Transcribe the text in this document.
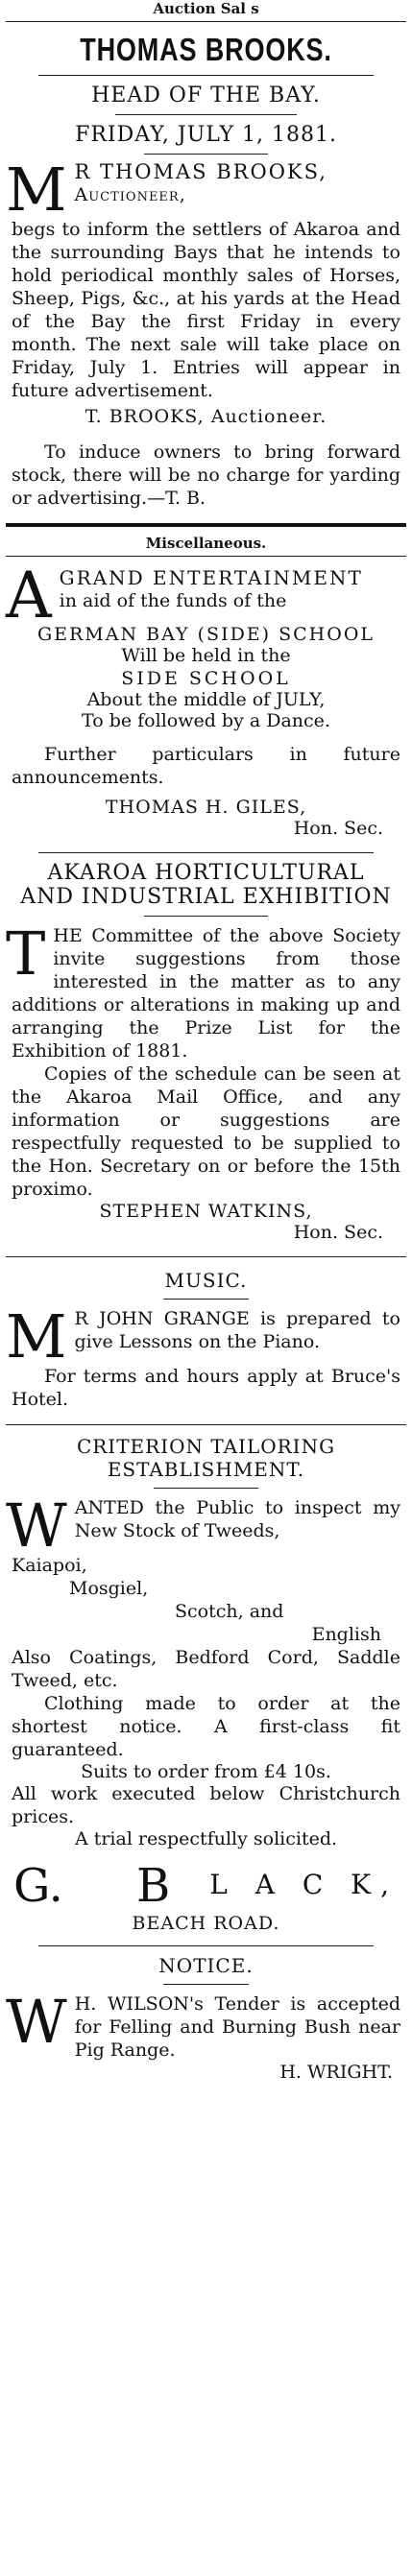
Auction Sal s
THOMAS BROOKS.
HEAD OF THE BAY.
FRIDAY, JULY 1, 1881.
M R THOMAS BROOKS,
Auctioneer,
begs to inform the settlers of Akaroa and the surrounding Bays that he intends to hold periodical monthly sales of Horses, Sheep, Pigs, &c., at his yards at the Head of the Bay the first Friday in every month. The next sale will take place on Friday, July 1. Entries will appear in future advertisement.
T. BROOKS, Auctioneer.
To induce owners to bring forward stock, there will be no charge for yarding or advertising.—T. B.
Miscellaneous.
A GRAND ENTERTAINMENT
in aid of the funds of the
GERMAN BAY (SIDE) SCHOOL
Will be held in the
SIDE SCHOOL
About the middle of JULY,
To be followed by a Dance.
Further particulars in future announcements.
THOMAS H. GILES,
Hon. Sec.
AKAROA HORTICULTURAL
AND INDUSTRIAL EXHIBITION
T HE Committee of the above Society invite suggestions from those interested in the matter as to any additions or alterations in making up and arranging the Prize List for the Exhibition of 1881.
Copies of the schedule can be seen at the Akaroa Mail Office, and any information or suggestions are respectfully requested to be supplied to the Hon. Secretary on or before the 15th proximo.
STEPHEN WATKINS,
Hon. Sec.
MUSIC.
M R JOHN GRANGE is prepared to give Lessons on the Piano.
For terms and hours apply at Bruce's Hotel.
CRITERION TAILORING
ESTABLISHMENT.
W ANTED the Public to inspect my New Stock of Tweeds,
Kaiapoi,
Mosgiel,
Scotch, and
English
Also Coatings, Bedford Cord, Saddle Tweed, etc.
Clothing made to order at the shortest notice. A first-class fit guaranteed.
Suits to order from £4 10s.
All work executed below Christchurch prices.
A trial respectfully solicited.
G. B L A C K,
BEACH ROAD.
NOTICE.
W H. WILSON's Tender is accepted for Felling and Burning Bush near Pig Range.
H. WRIGHT.
